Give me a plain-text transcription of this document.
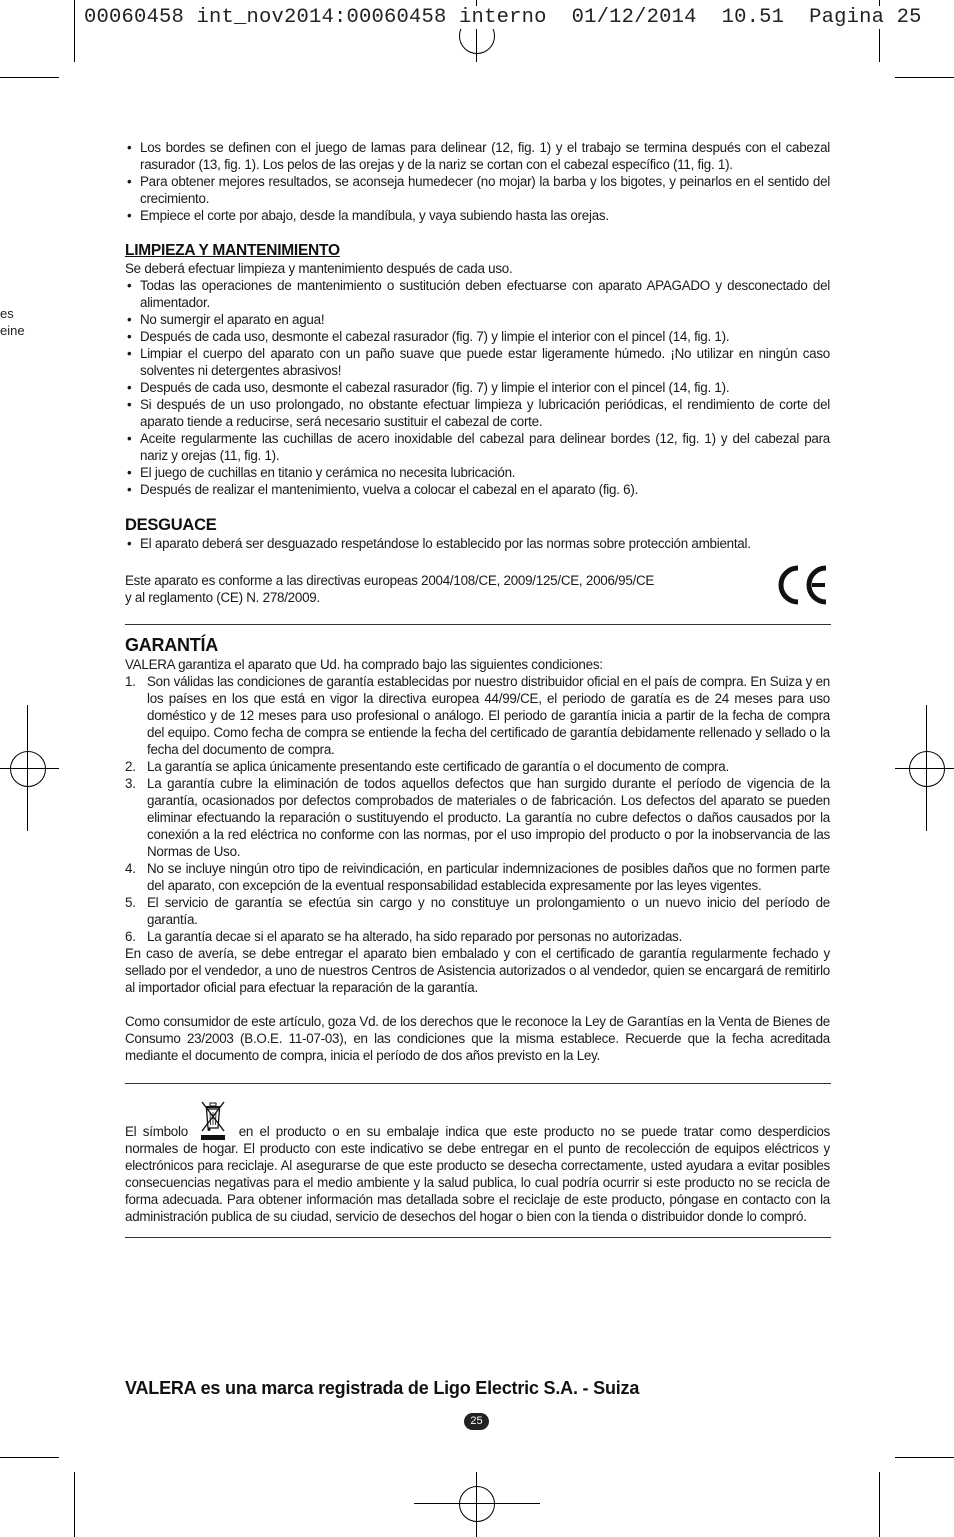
00060458 int_nov2014:00060458 interno  01/12/2014  10.51  Pagina 25
es
eine
• Los bordes se definen con el juego de lamas para delinear (12, fig. 1) y el trabajo se termina después con el cabezal rasurador (13, fig. 1). Los pelos de las orejas y de la nariz se cortan con el cabezal específico (11, fig. 1).
• Para obtener mejores resultados, se aconseja humedecer (no mojar) la barba y los bigotes, y peinarlos en el sentido del crecimiento.
• Empiece el corte por abajo, desde la mandíbula, y vaya subiendo hasta las orejas.
LIMPIEZA Y MANTENIMIENTO

Se deberá efectuar limpieza y mantenimiento después de cada uso.

• Todas las operaciones de mantenimiento o sustitución deben efectuarse con aparato APAGADO y desconectado del alimentador.
• No sumergir el aparato en agua!
• Después de cada uso, desmonte el cabezal rasurador (fig. 7) y limpie el interior con el pincel (14, fig. 1).
• Limpiar el cuerpo del aparato con un paño suave que puede estar ligeramente húmedo. ¡No utilizar en ningún caso solventes ni detergentes abrasivos!
• Después de cada uso, desmonte el cabezal rasurador (fig. 7) y limpie el interior con el pincel (14, fig. 1).
• Si después de un uso prolongado, no obstante efectuar limpieza y lubricación periódicas, el rendimiento de corte del aparato tiende a reducirse, será necesario sustituir el cabezal de corte.
• Aceite regularmente las cuchillas de acero inoxidable del cabezal para delinear bordes (12, fig. 1) y del cabezal para nariz y orejas (11, fig. 1).
• El juego de cuchillas en titanio y cerámica no necesita lubricación.
• Después de realizar el mantenimiento, vuelva a colocar el cabezal en el aparato (fig. 6).
DESGUACE
• El aparato deberá ser desguazado respetándose lo establecido por las normas sobre protección ambiental.
Este aparato es conforme a las directivas europeas 2004/108/CE, 2009/125/CE, 2006/95/CE
y al reglamento (CE) N. 278/2009.
GARANTÍA

VALERA garantiza el aparato que Ud. ha comprado bajo las siguientes condiciones:

1. Son válidas las condiciones de garantía establecidas por nuestro distribuidor oficial en el país de compra. En Suiza y en los países en los que está en vigor la directiva europea 44/99/CE, el periodo de garatía es de 24 meses para uso doméstico y de 12 meses para uso profesional o análogo. El periodo de garantía inicia a partir de la fecha de compra del equipo. Como fecha de compra se entiende la fecha del certificado de garantía debidamente rellenado y sellado o la fecha del documento de compra.
2. La garantía se aplica únicamente presentando este certificado de garantía o el documento de compra.
3. La garantía cubre la eliminación de todos aquellos defectos que han surgido durante el período de vigencia de la garantía, ocasionados por defectos comprobados de materiales o de fabricación. Los defectos del aparato se pueden eliminar efectuando la reparación o sustituyendo el producto. La garantía no cubre defectos o daños causados por la conexión a la red eléctrica no conforme con las normas, por el uso impropio del producto o por la inobservancia de las Normas de Uso.
4. No se incluye ningún otro tipo de reivindicación, en particular indemnizaciones de posibles daños que no formen parte del aparato, con excepción de la eventual responsabilidad establecida expresamente por las leyes vigentes.
5. El servicio de garantía se efectúa sin cargo y no constituye un prolongamiento o un nuevo inicio del período de garantía.
6. La garantía decae si el aparato se ha alterado, ha sido reparado por personas no autorizadas.

En caso de avería, se debe entregar el aparato bien embalado y con el certificado de garantía regularmente fechado y sellado por el vendedor, a uno de nuestros Centros de Asistencia autorizados o al vendedor, quien se encargará de remitirlo al importador oficial para efectuar la reparación de la garantía.

Como consumidor de este artículo, goza Vd. de los derechos que le reconoce la Ley de Garantías en la Venta de Bienes de Consumo 23/2003 (B.O.E. 11-07-03), en las condiciones que la misma establece. Recuerde que la fecha acreditada mediante el documento de compra, inicia el período de dos años previsto en la Ley.

El símbolo	en el producto o en su embalaje indica que este producto no se puede tratar como desperdicios normales de hogar. El producto con este indicativo se debe entregar en el punto de recolección de equipos eléctricos y electrónicos para reciclaje. Al asegurarse de que este producto se desecha correctamente, usted ayudara a evitar posibles consecuencias negativas para el medio ambiente y la salud publica, lo cual podría ocurrir si este producto no se recicla de forma adecuada. Para obtener información mas detallada sobre el reciclaje de este producto, póngase en contacto con la administración publica de su ciudad, servicio de desechos del hogar o bien con la tienda o distribuidor donde lo compró.

VALERA es una marca registrada de Ligo Electric S.A. - Suiza
25
